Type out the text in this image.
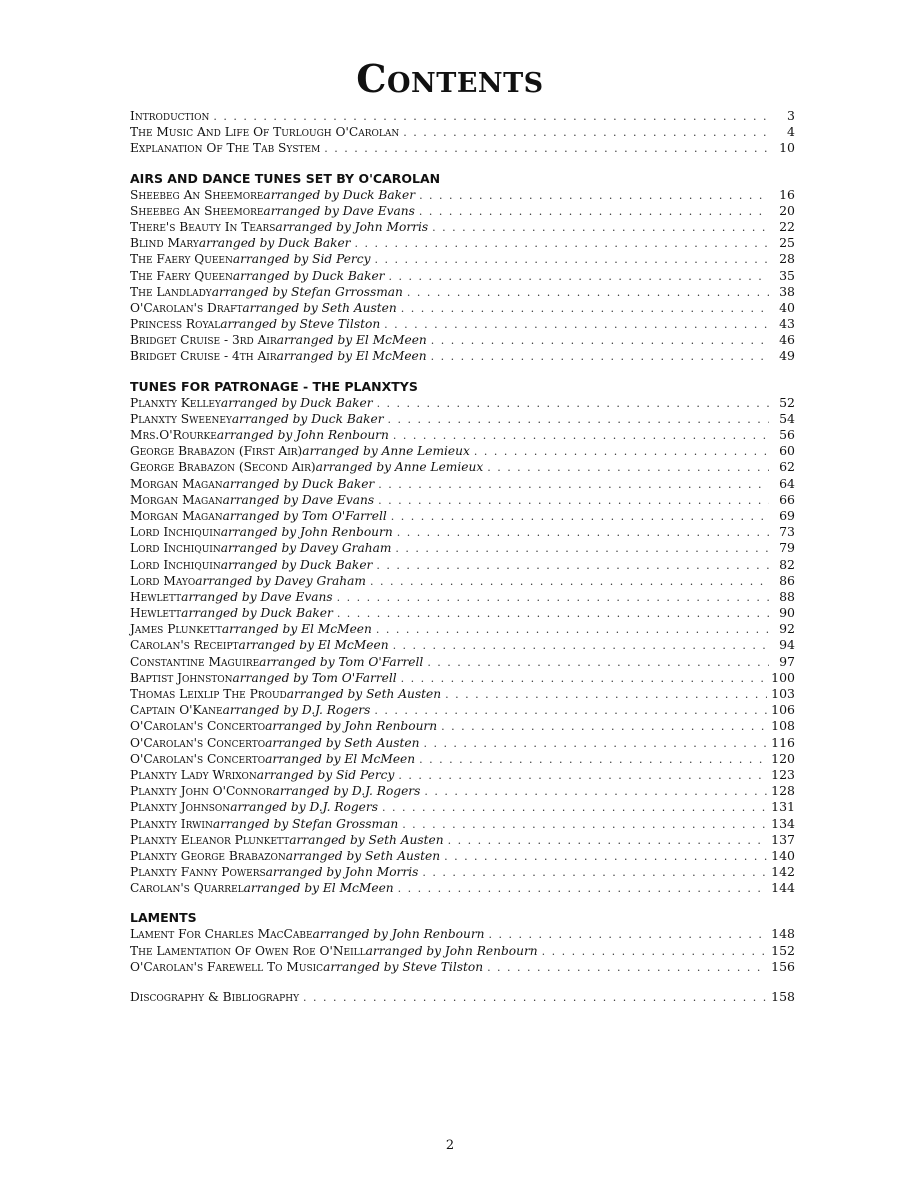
Contents
Introduction . . .	3
The Music And Life Of Turlough O'Carolan . . .	4
Explanation Of The Tab System . . .	10
AIRS AND DANCE TUNES SET BY O'CAROLAN
Sheebeg An Sheemore arranged by Duck Baker . . .	16
Sheebeg An Sheemore arranged by Dave Evans . . .	20
There's Beauty In Tears arranged by John Morris . . .	22
Blind Mary arranged by Duck Baker . . .	25
The Faery Queen arranged by Sid Percy . . .	28
The Faery Queen arranged by Duck Baker . . .	35
The Landlady arranged by Stefan Grrossman . . .	38
O'Carolan's Draft arranged by Seth Austen . . .	40
Princess Royal arranged by Steve Tilston . . .	43
Bridget Cruise - 3rd Air arranged by El McMeen . . .	46
Bridget Cruise - 4th Air arranged by El McMeen . . .	49
TUNES FOR PATRONAGE - THE PLANXTYS
Planxty Kelley arranged by Duck Baker . . .	52
Planxty Sweeney arranged by Duck Baker . . .	54
Mrs.O'Rourke arranged by John Renbourn . . .	56
George Brabazon (First Air) arranged by Anne Lemieux . . .	60
George Brabazon (Second Air) arranged by Anne Lemieux . . .	62
Morgan Magan arranged by Duck Baker . . .	64
Morgan Magan arranged by Dave Evans . . .	66
Morgan Magan arranged by Tom O'Farrell . . .	69
Lord Inchiquin arranged by John Renbourn . . .	73
Lord Inchiquin arranged by Davey Graham . . .	79
Lord Inchiquin arranged by Duck Baker . . .	82
Lord Mayo arranged by Davey Graham . . .	86
Hewlett arranged by Dave Evans . . .	88
Hewlett arranged by Duck Baker . . .	90
James Plunkett arranged by El McMeen . . .	92
Carolan's Receipt arranged by El McMeen . . .	94
Constantine Maguire arranged by Tom O'Farrell . . .	97
Baptist Johnston arranged by Tom O'Farrell . . .	100
Thomas Leixlip The Proud arranged by Seth Austen . . .	103
Captain O'Kane arranged by D.J. Rogers . . .	106
O'Carolan's Concerto arranged by John Renbourn . . .	108
O'Carolan's Concerto arranged by Seth Austen . . .	116
O'Carolan's Concerto arranged by El McMeen . . .	120
Planxty Lady Wrixon arranged by Sid Percy . . .	123
Planxty John O'Connor arranged by D.J. Rogers . . .	128
Planxty Johnson arranged by D.J. Rogers . . .	131
Planxty Irwin arranged by Stefan Grossman . . .	134
Planxty Eleanor Plunkett arranged by Seth Austen . . .	137
Planxty George Brabazon arranged by Seth Austen . . .	140
Planxty Fanny Powers arranged by John Morris . . .	142
Carolan's Quarrel arranged by El McMeen . . .	144
LAMENTS
Lament For Charles MacCabe arranged by John Renbourn . . .	148
The Lamentation Of Owen Roe O'Neill arranged by John Renbourn . . .	152
O'Carolan's Farewell To Music arranged by Steve Tilston . . .	156
Discography & Bibliography . . .	158
2
